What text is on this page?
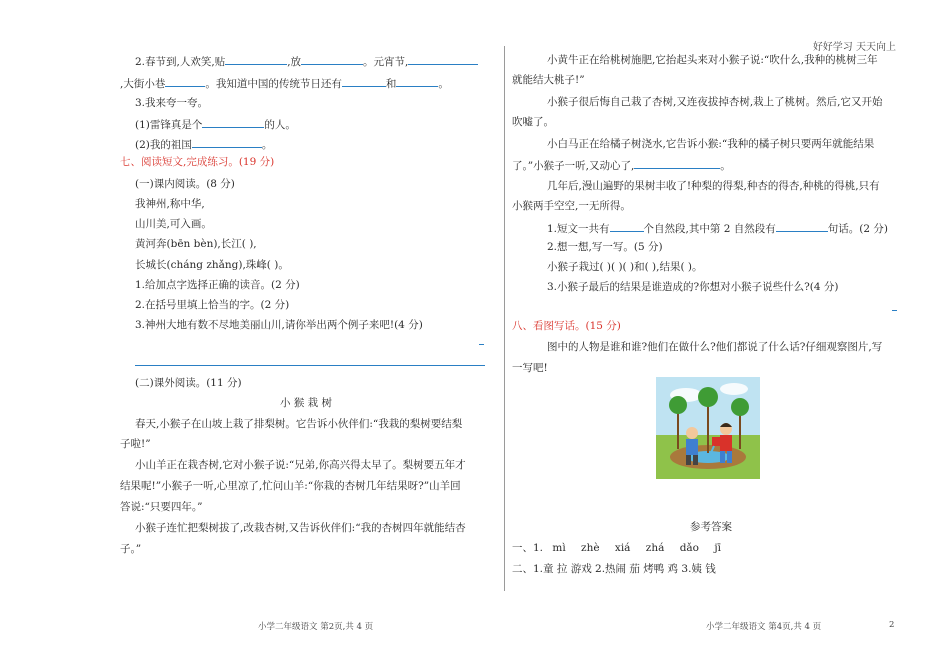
好好学习 天天向上
2.春节到,人欢笑,贴	,放	。元宵节,
,大街小巷	。我知道中国的传统节日还有	和	。
3.我来夸一夸。
(1)雷锋真是个	的人。
(2)我的祖国	。
七、阅读短文,完成练习。(19 分)
(一)课内阅读。(8 分)
我神州,称中华,
山川美,可入画。
黄河奔(bēn bèn),长江( ),
长城长(cháng zhǎng),珠峰( )。
1.给加点字选择正确的读音。(2 分)
2.在括号里填上恰当的字。(2 分)
3.神州大地有数不尽地美丽山川,请你举出两个例子来吧!(4 分)
(二)课外阅读。(11 分)
小 猴 栽 树
春天,小猴子在山坡上栽了排梨树。它告诉小伙伴们:“我栽的梨树要结梨
子啦!”
小山羊正在栽杏树,它对小猴子说:“兄弟,你高兴得太早了。梨树要五年才
结果呢!”小猴子一听,心里凉了,忙问山羊:“你栽的杏树几年结果呀?”山羊回
答说:“只要四年。”
小猴子连忙把梨树拔了,改栽杏树,又告诉伙伴们:“我的杏树四年就能结杏
子。”
小黄牛正在给桃树施肥,它抬起头来对小猴子说:“吹什么,我种的桃树三年
就能结大桃子!”
小猴子很后悔自己栽了杏树,又连夜拔掉杏树,栽上了桃树。然后,它又开始
吹嘘了。
小白马正在给橘子树浇水,它告诉小猴:“我种的橘子树只要两年就能结果
了。”小猴子一听,又动心了,	。
几年后,漫山遍野的果树丰收了!种梨的得梨,种杏的得杏,种桃的得桃,只有
小猴两手空空,一无所得。
1.短文一共有	个自然段,其中第 2 自然段有	句话。(2 分)
2.想一想,写一写。(5 分)
小猴子栽过( )( )( )和( ),结果( )。
3.小猴子最后的结果是谁造成的?你想对小猴子说些什么?(4 分)
八、看图写话。(15 分)
图中的人物是谁和谁?他们在做什么?他们都说了什么话?仔细观察图片,写
一写吧!
参考答案
一、1. mì zhè xiá zhá dǎo jī
二、1.童 拉 游戏 2.热闹 茄 烤鸭 鸡 3.姨 钱
小学二年级语文 第2页,共 4 页	小学二年级语文 第4页,共 4 页	2
